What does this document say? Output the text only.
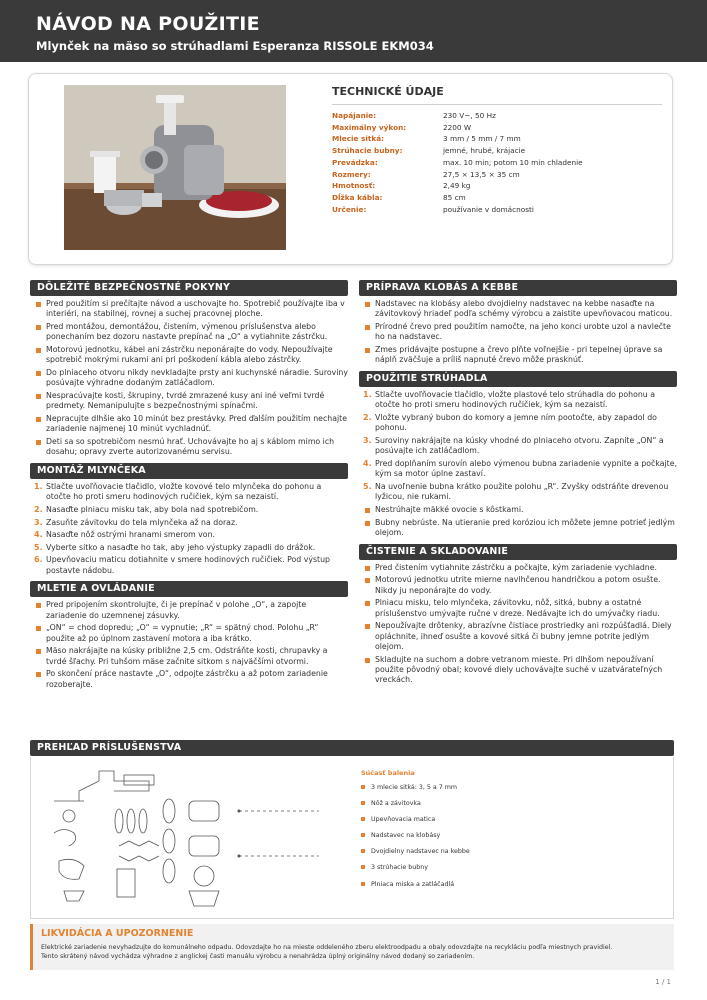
NÁVOD NA POUŽITIE
Mlynček na mäso so strúhadlami Esperanza RISSOLE EKM034
TECHNICKÉ ÚDAJE
Napájanie:	230 V~, 50 Hz
Maximálny výkon:	2200 W
Mlecie sitká:	3 mm / 5 mm / 7 mm
Strúhacie bubny:	jemné, hrubé, krájacie
Prevádzka:	max. 10 min; potom 10 min chladenie
Rozmery:	27,5 × 13,5 × 35 cm
Hmotnosť:	2,49 kg
Dĺžka kábla:	85 cm
Určenie:	používanie v domácnosti
DÔLEŽITÉ BEZPEČNOSTNÉ POKYNY
Pred použitím si prečítajte návod a uschovajte ho. Spotrebič používajte iba v interiéri, na stabilnej, rovnej a suchej pracovnej ploche.
Pred montážou, demontážou, čistením, výmenou príslušenstva alebo ponechaním bez dozoru nastavte prepínač na „O“ a vytiahnite zástrčku.
Motorovú jednotku, kábel ani zástrčku neponárajte do vody. Nepoužívajte spotrebič mokrými rukami ani pri poškodení kábla alebo zástrčky.
Do plniaceho otvoru nikdy nevkladajte prsty ani kuchynské náradie. Suroviny posúvajte výhradne dodaným zatláčadlom.
Nespracúvajte kosti, škrupiny, tvrdé zmrazené kusy ani iné veľmi tvrdé predmety. Nemanipulujte s bezpečnostnými spínačmi.
Nepracujte dlhšie ako 10 minút bez prestávky. Pred ďalším použitím nechajte zariadenie najmenej 10 minút vychladnúť.
Deti sa so spotrebičom nesmú hrať. Uchovávajte ho aj s káblom mimo ich dosahu; opravy zverte autorizovanému servisu.
MONTÁŽ MLYNČEKA
1. Stlačte uvoľňovacie tlačidlo, vložte kovové telo mlynčeka do pohonu a otočte ho proti smeru hodinových ručičiek, kým sa nezaistí.
2. Nasaďte plniacu misku tak, aby bola nad spotrebičom.
3. Zasuňte závitovku do tela mlynčeka až na doraz.
4. Nasaďte nôž ostrými hranami smerom von.
5. Vyberte sitko a nasaďte ho tak, aby jeho výstupky zapadli do drážok.
6. Upevňovaciu maticu dotiahnite v smere hodinových ručičiek. Pod výstup postavte nádobu.
MLETIE A OVLÁDANIE
Pred pripojením skontrolujte, či je prepínač v polohe „O“, a zapojte zariadenie do uzemnenej zásuvky.
„ON“ = chod dopredu; „O“ = vypnutie; „R“ = spätný chod. Polohu „R“ použite až po úplnom zastavení motora a iba krátko.
Mäso nakrájajte na kúsky približne 2,5 cm. Odstráňte kosti, chrupavky a tvrdé šľachy. Pri tuhšom mäse začnite sitkom s najväčšími otvormi.
Po skončení práce nastavte „O“, odpojte zástrčku a až potom zariadenie rozoberajte.
PRÍPRAVA KLOBÁS A KEBBE
Nadstavec na klobásy alebo dvojdielny nadstavec na kebbe nasaďte na závitovkový hriadeľ podľa schémy výrobcu a zaistite upevňovacou maticou.
Prírodné črevo pred použitím namočte, na jeho konci urobte uzol a navlečte ho na nadstavec.
Zmes pridávajte postupne a črevo plňte voľnejšie - pri tepelnej úprave sa náplň zväčšuje a príliš napnuté črevo môže prasknúť.
POUŽITIE STRÚHADLA
1. Stlačte uvoľňovacie tlačidlo, vložte plastové telo strúhadla do pohonu a otočte ho proti smeru hodinových ručičiek, kým sa nezaistí.
2. Vložte vybraný bubon do komory a jemne ním pootočte, aby zapadol do pohonu.
3. Suroviny nakrájajte na kúsky vhodné do plniaceho otvoru. Zapnite „ON“ a posúvajte ich zatláčadlom.
4. Pred doplňaním surovín alebo výmenou bubna zariadenie vypnite a počkajte, kým sa motor úplne zastaví.
5. Na uvoľnenie bubna krátko použite polohu „R“. Zvyšky odstráňte drevenou lyžicou, nie rukami.
Nestrúhajte mäkké ovocie s kôstkami.
Bubny nebrúste. Na utieranie pred koróziou ich môžete jemne potrieť jedlým olejom.
ČISTENIE A SKLADOVANIE
Pred čistením vytiahnite zástrčku a počkajte, kým zariadenie vychladne.
Motorovú jednotku utrite mierne navlhčenou handričkou a potom osušte. Nikdy ju neponárajte do vody.
Plniacu misku, telo mlynčeka, závitovku, nôž, sitká, bubny a ostatné príslušenstvo umývajte ručne v dreze. Nedávajte ich do umývačky riadu.
Nepoužívajte drôtenky, abrazívne čistiace prostriedky ani rozpúšťadlá. Diely opláchnite, ihneď osušte a kovové sitká či bubny jemne potrite jedlým olejom.
Skladujte na suchom a dobre vetranom mieste. Pri dlhšom nepoužívaní použite pôvodný obal; kovové diely uchovávajte suché v uzatvárateľných vreckách.
PREHĽAD PRÍSLUŠENSTVA
Súčasť balenia
3 mlecie sitká: 3, 5 a 7 mm
Nôž a závitovka
Upevňovacia matica
Nadstavec na klobásy
Dvojdielny nadstavec na kebbe
3 strúhacie bubny
Plniaca miska a zatláčadlá
LIKVIDÁCIA A UPOZORNENIE

Elektrické zariadenie nevyhadzujte do komunálneho odpadu. Odovzdajte ho na mieste oddeleného zberu elektroodpadu a obaly odovzdajte na recykláciu podľa miestnych pravidiel.

Tento skrátený návod vychádza výhradne z anglickej časti manuálu výrobcu a nenahrádza úplný originálny návod dodaný so zariadením.

1 / 1
